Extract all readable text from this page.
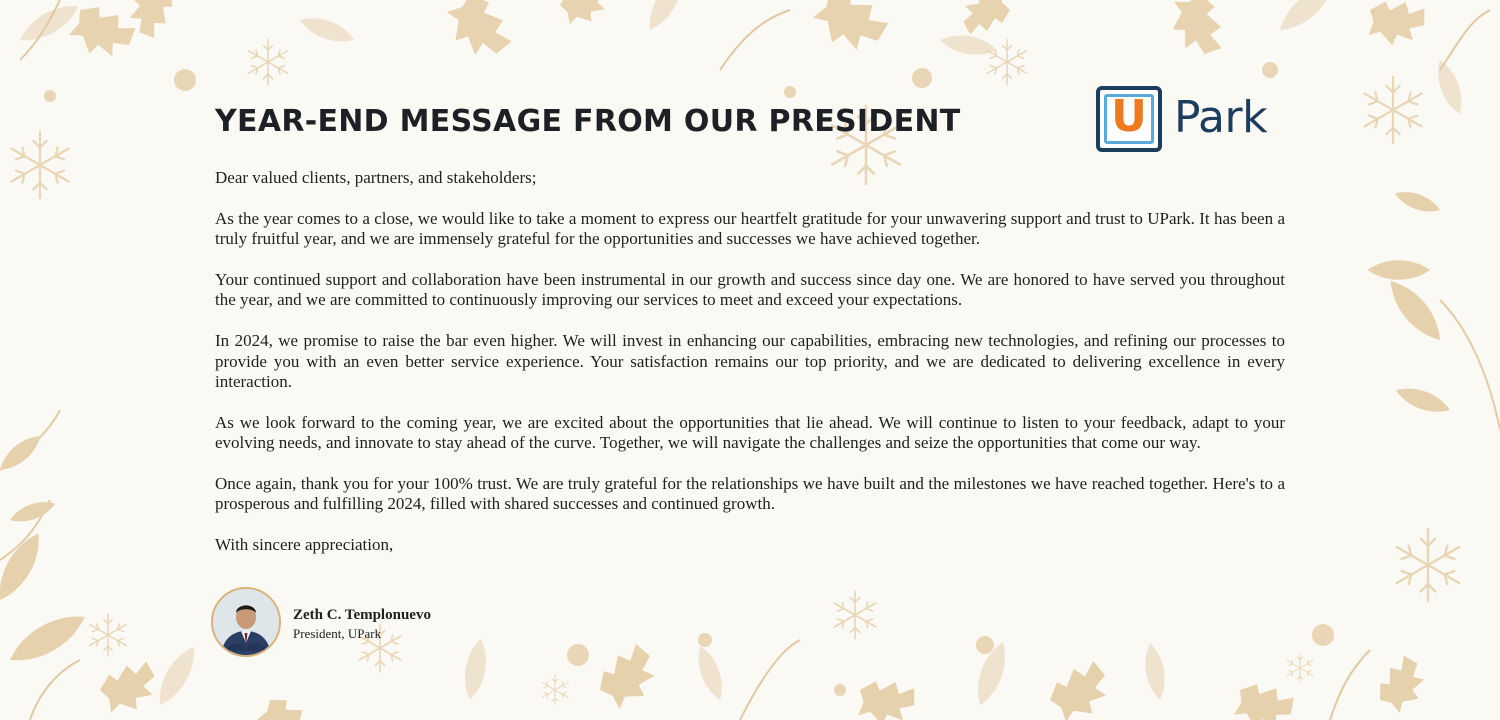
YEAR-END MESSAGE FROM OUR PRESIDENT

Dear valued clients, partners, and stakeholders;

As the year comes to a close, we would like to take a moment to express our heartfelt gratitude for your unwavering support and trust to UPark. It has been a truly fruitful year, and we are immensely grateful for the opportunities and successes we have achieved together.

Your continued support and collaboration have been instrumental in our growth and success since day one. We are honored to have served you throughout the year, and we are committed to continuously improving our services to meet and exceed your expectations.

In 2024, we promise to raise the bar even higher. We will invest in enhancing our capabilities, embracing new technologies, and refining our processes to provide you with an even better service experience. Your satisfaction remains our top priority, and we are dedicated to delivering excellence in every interaction.

As we look forward to the coming year, we are excited about the opportunities that lie ahead. We will continue to listen to your feedback, adapt to your evolving needs, and innovate to stay ahead of the curve. Together, we will navigate the challenges and seize the opportunities that come our way.

Once again, thank you for your 100% trust. We are truly grateful for the relationships we have built and the milestones we have reached together. Here's to a prosperous and fulfilling 2024, filled with shared successes and continued growth.

With sincere appreciation,

U Park
Zeth C. Templonuevo
President, UPark
